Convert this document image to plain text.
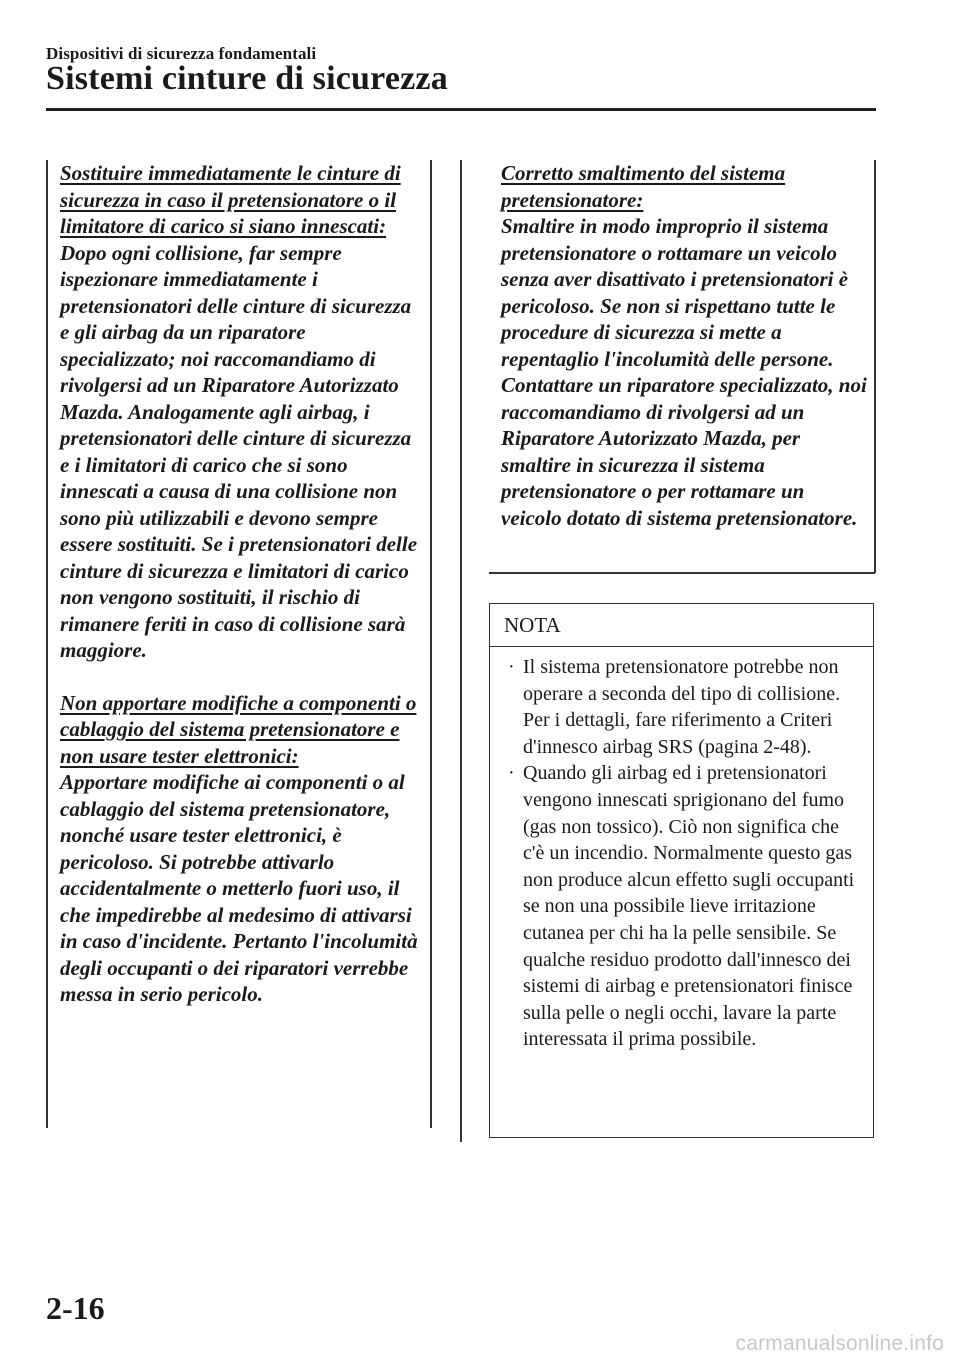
Dispositivi di sicurezza fondamentali
Sistemi cinture di sicurezza

Sostituire immediatamente le cinture di sicurezza in caso il pretensionatore o il limitatore di carico si siano innescati:

Dopo ogni collisione, far sempre ispezionare immediatamente i pretensionatori delle cinture di sicurezza e gli airbag da un riparatore specializzato; noi raccomandiamo di rivolgersi ad un Riparatore Autorizzato Mazda. Analogamente agli airbag, i pretensionatori delle cinture di sicurezza e i limitatori di carico che si sono innescati a causa di una collisione non sono più utilizzabili e devono sempre essere sostituiti. Se i pretensionatori delle cinture di sicurezza e limitatori di carico non vengono sostituiti, il rischio di rimanere feriti in caso di collisione sarà maggiore.

Non apportare modifiche a componenti o cablaggio del sistema pretensionatore e non usare tester elettronici:

Apportare modifiche ai componenti o al cablaggio del sistema pretensionatore, nonché usare tester elettronici, è pericoloso. Si potrebbe attivarlo accidentalmente o metterlo fuori uso, il che impedirebbe al medesimo di attivarsi in caso d'incidente. Pertanto l'incolumità degli occupanti o dei riparatori verrebbe messa in serio pericolo.

Corretto smaltimento del sistema pretensionatore:

Smaltire in modo improprio il sistema pretensionatore o rottamare un veicolo senza aver disattivato i pretensionatori è pericoloso. Se non si rispettano tutte le procedure di sicurezza si mette a repentaglio l'incolumità delle persone. Contattare un riparatore specializzato, noi raccomandiamo di rivolgersi ad un Riparatore Autorizzato Mazda, per smaltire in sicurezza il sistema pretensionatore o per rottamare un veicolo dotato di sistema pretensionatore.

NOTA
· Il sistema pretensionatore potrebbe non operare a seconda del tipo di collisione. Per i dettagli, fare riferimento a Criteri d'innesco airbag SRS (pagina 2-48).
· Quando gli airbag ed i pretensionatori vengono innescati sprigionano del fumo (gas non tossico). Ciò non significa che c'è un incendio. Normalmente questo gas non produce alcun effetto sugli occupanti se non una possibile lieve irritazione cutanea per chi ha la pelle sensibile. Se qualche residuo prodotto dall'innesco dei sistemi di airbag e pretensionatori finisce sulla pelle o negli occhi, lavare la parte interessata il prima possibile.
2-16
carmanualsonline.info
